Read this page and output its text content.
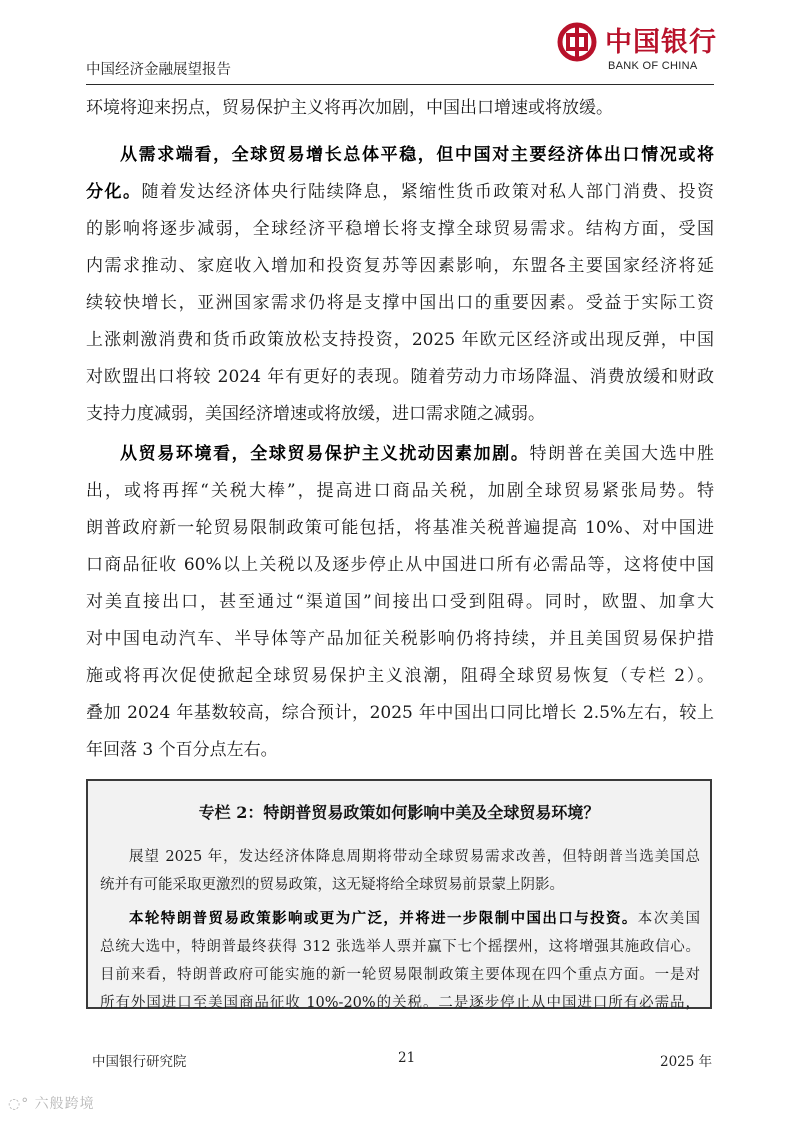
中国经济金融展望报告
中国银行
BANK OF CHINA
环境将迎来拐点，贸易保护主义将再次加剧，中国出口增速或将放缓。
从需求端看，全球贸易增长总体平稳，但中国对主要经济体出口情况或将
分化。随着发达经济体央行陆续降息，紧缩性货币政策对私人部门消费、投资
的影响将逐步减弱，全球经济平稳增长将支撑全球贸易需求。结构方面，受国
内需求推动、家庭收入增加和投资复苏等因素影响，东盟各主要国家经济将延
续较快增长，亚洲国家需求仍将是支撑中国出口的重要因素。受益于实际工资
上涨刺激消费和货币政策放松支持投资，2025 年欧元区经济或出现反弹，中国
对欧盟出口将较 2024 年有更好的表现。随着劳动力市场降温、消费放缓和财政
支持力度减弱，美国经济增速或将放缓，进口需求随之减弱。
从贸易环境看，全球贸易保护主义扰动因素加剧。特朗普在美国大选中胜
出，或将再挥“关税大棒”，提高进口商品关税，加剧全球贸易紧张局势。特
朗普政府新一轮贸易限制政策可能包括，将基准关税普遍提高 10%、对中国进
口商品征收 60%以上关税以及逐步停止从中国进口所有必需品等，这将使中国
对美直接出口，甚至通过“渠道国”间接出口受到阻碍。同时，欧盟、加拿大
对中国电动汽车、半导体等产品加征关税影响仍将持续，并且美国贸易保护措
施或将再次促使掀起全球贸易保护主义浪潮，阻碍全球贸易恢复（专栏 2）。
叠加 2024 年基数较高，综合预计，2025 年中国出口同比增长 2.5%左右，较上
年回落 3 个百分点左右。
专栏 2：特朗普贸易政策如何影响中美及全球贸易环境？
展望 2025 年，发达经济体降息周期将带动全球贸易需求改善，但特朗普当选美国总
统并有可能采取更激烈的贸易政策，这无疑将给全球贸易前景蒙上阴影。
本轮特朗普贸易政策影响或更为广泛，并将进一步限制中国出口与投资。本次美国
总统大选中，特朗普最终获得 312 张选举人票并赢下七个摇摆州，这将增强其施政信心。
目前来看，特朗普政府可能实施的新一轮贸易限制政策主要体现在四个重点方面。一是对
所有外国进口至美国商品征收 10%-20%的关税。二是逐步停止从中国进口所有必需品，
中国银行研究院	21	2025 年
◌° 六般跨境
